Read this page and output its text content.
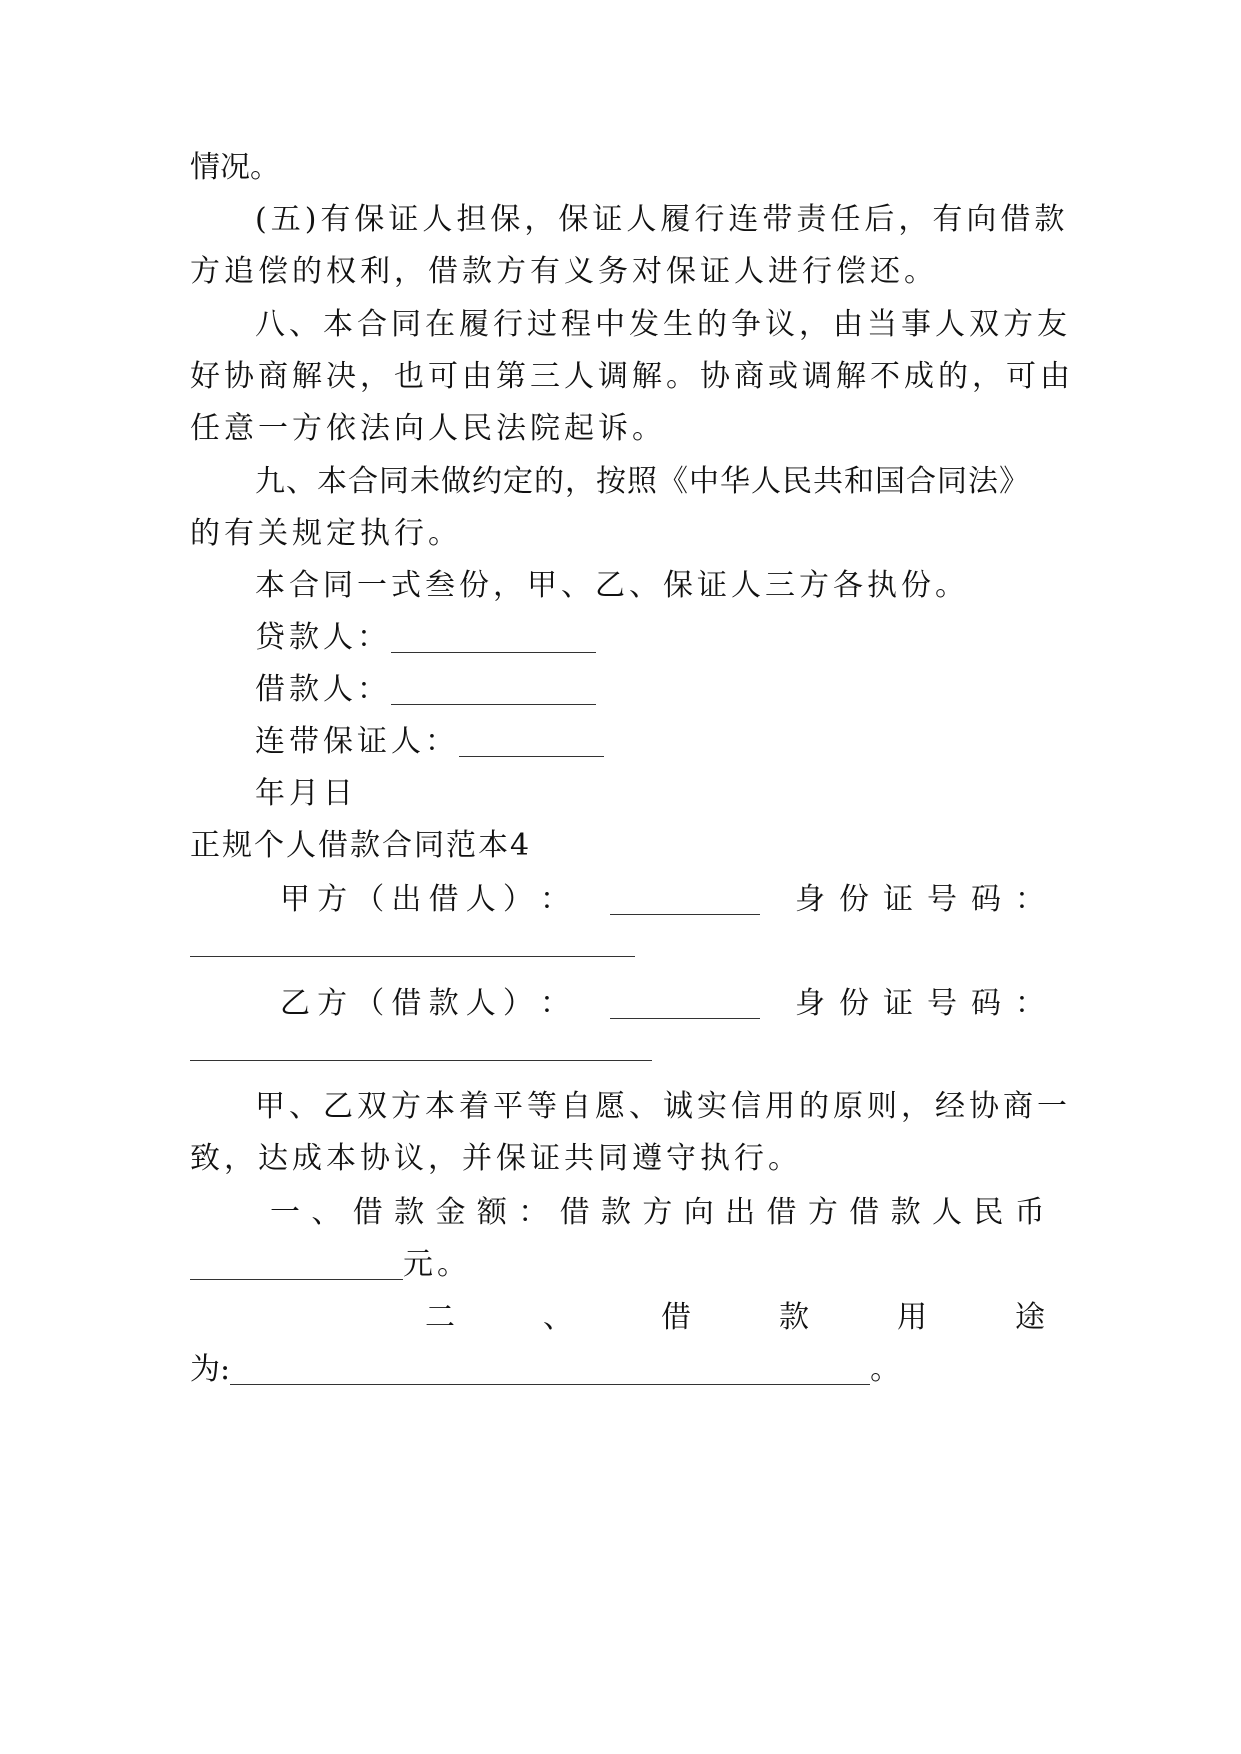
情况。
(五)有保证人担保，保证人履行连带责任后，有向借款
方追偿的权利，借款方有义务对保证人进行偿还。
八、本合同在履行过程中发生的争议，由当事人双方友
好协商解决，也可由第三人调解。协商或调解不成的，可由
任意一方依法向人民法院起诉。
九、本合同未做约定的，按照《中华人民共和国合同法》
的有关规定执行。
本合同一式叁份，甲、乙、保证人三方各执份。
贷款人：
借款人：
连带保证人：
年月日
正规个人借款合同范本4
甲 方 （ 出 借 人 ） ：	身 份 证 号 码 ：
乙 方 （ 借 款 人 ） ：	身 份 证 号 码 ：
甲、乙双方本着平等自愿、诚实信用的原则，经协商一
致，达成本协议，并保证共同遵守执行。
一 、 借 款 金 额 ： 借 款 方 向 出 借 方 借 款 人 民 币
元。
二	、	借	款	用	途
为:	。
